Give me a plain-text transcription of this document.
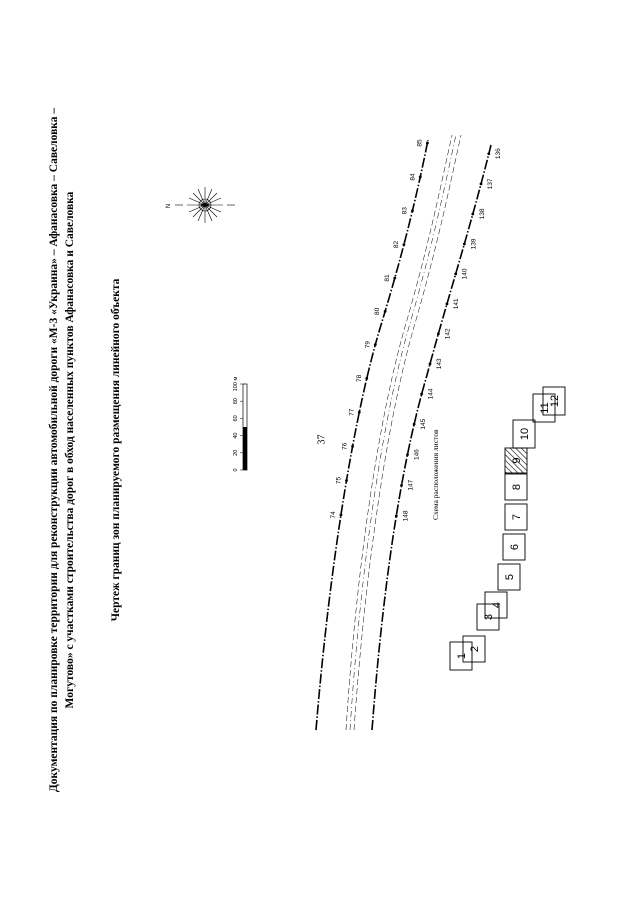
37
Документация по планировке территории для реконструкции автомобильной дороги «М-3 «Украина» – Афанасовка – Савеловка – Могутово» с участками строительства дорог в обход населенных пунктов Афанасовка и Савеловка	Чертеж границ зон планируемого размещения линейного объекта
N
0
20
40
60
80
100 м
74
75
76
77
78
79
80
81
82
83
84
85
148
147
146
145
144
143
142
141
140
139
138
137
136
1
2
3
4
5
6
7
8
9
10
11
12
Схема расположения листов
